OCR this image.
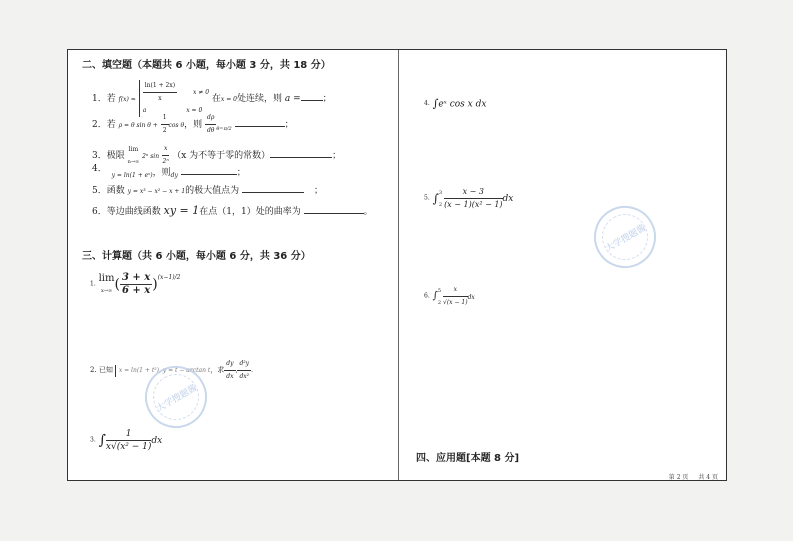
二、填空题（本题共 6 小题，每小题 3 分，共 18 分）
1．若 $f(x) = \frac{\ln(1 + 2x)}{x}$	x ≠ 0
a	x = 0
在x = 0处连续，则 a = ；
2．若 ρ = θ $\sin \theta + \frac{1}{2}$ cos θ，则 $\frac{d\rho}{d\theta} _{\theta=\pi/2}$	；
3．极限
lim
n→∞
2ⁿ $\sin \frac{x}{\text{2ⁿ}} (x$ 为不等于零的常数）	；
4． $_{y = ln(1 + eˣ)}$，则$_{dy}$	；
5．函数 y = x³ − x² − x + 1的极大值点为	；
6．等边曲线函数 xy = 1在点（1，1）处的曲率为	。
三、计算题（共 6 小题，每小题 6 分，共 36 分）
1.
lim
x→∞ ( $\frac{3 + x}{6 + x} )^{(x-1)/2}$
2. 已知 x = ln(1 + t²), y = t − arctan t，求 $\frac{dy}{dx}$ , $\frac{\text{d²y}}{\text{dx²}}$ .
3. ∫ $\frac{1}{\text{x√(x² − 1)}}$ dx
4. ∫eˣ cos x dx
5. ∫ 3
$2 \frac{x - 3}{\text{(x − 1)(x² − 1)}}$ dx
6. ∫ 5
$2 \frac{x}{√(x - 1)}$ dx
四、应用题[本题 8 分]
第 2 页 共 4 页
大学搜题酱
大学搜题酱
